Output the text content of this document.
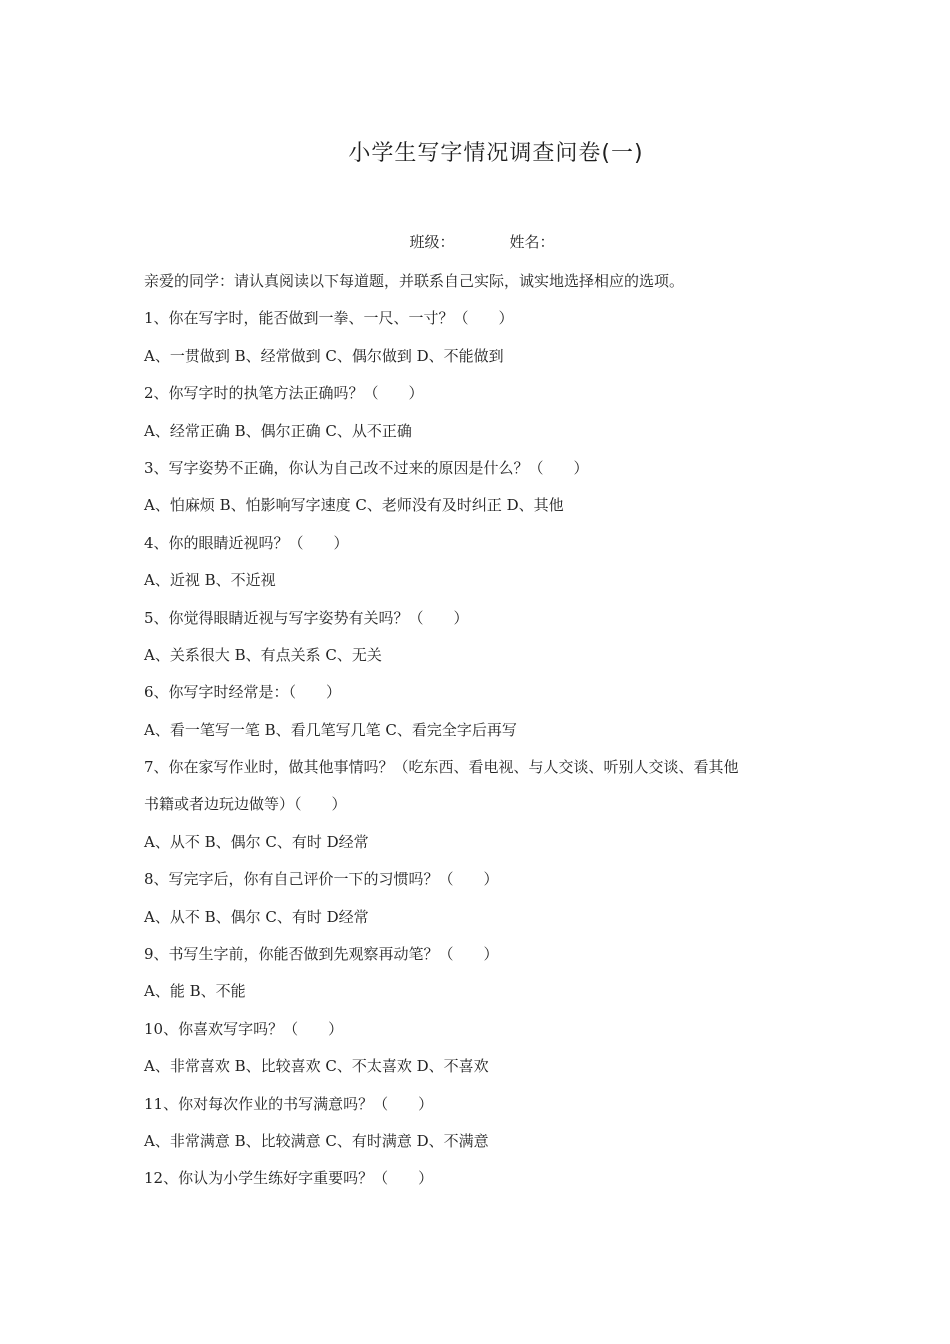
小学生写字情况调查问卷(一)

班级：	姓名：

亲爱的同学：请认真阅读以下每道题，并联系自己实际，诚实地选择相应的选项。
1、你在写字时，能否做到一拳、一尺、一寸？（　　）
A、一贯做到 B、经常做到 C、偶尔做到 D、不能做到
2、你写字时的执笔方法正确吗？（　　）
A、经常正确 B、偶尔正确 C、从不正确
3、写字姿势不正确，你认为自己改不过来的原因是什么？（　　）
A、怕麻烦 B、怕影响写字速度 C、老师没有及时纠正 D、其他
4、你的眼睛近视吗？（　　）
A、近视 B、不近视
5、你觉得眼睛近视与写字姿势有关吗？（　　）
A、关系很大 B、有点关系 C、无关
6、你写字时经常是：（　　）
A、看一笔写一笔 B、看几笔写几笔 C、看完全字后再写
7、你在家写作业时，做其他事情吗？（吃东西、看电视、与人交谈、听别人交谈、看其他
书籍或者边玩边做等）（　　）
A、从不 B、偶尔 C、有时 D经常
8、写完字后，你有自己评价一下的习惯吗？（　　）
A、从不 B、偶尔 C、有时 D经常
9、书写生字前，你能否做到先观察再动笔？（　　）
A、能 B、不能
10、你喜欢写字吗？（　　）
A、非常喜欢 B、比较喜欢 C、不太喜欢 D、不喜欢
11、你对每次作业的书写满意吗？（　　）
A、非常满意 B、比较满意 C、有时满意 D、不满意
12、你认为小学生练好字重要吗？（　　）
